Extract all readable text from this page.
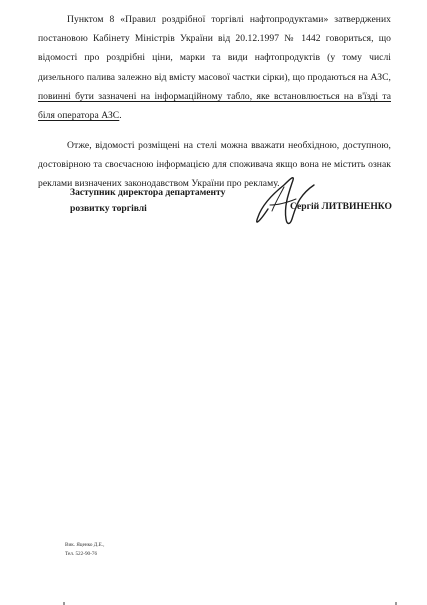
Пунктом 8 «Правил роздрібної торгівлі нафтопродуктами» затверджених постановою Кабінету Міністрів України від 20.12.1997 № 1442 говориться, що відомості про роздрібні ціни, марки та види нафтопродуктів (у тому числі дизельного палива залежно від вмісту масової частки сірки), що продаються на АЗС, повинні бути зазначені на інформаційному табло, яке встановлюється на в'їзді та біля оператора АЗС.

Отже, відомості розміщені на стелі можна вважати необхідною, доступною, достовірною та своєчасною інформацією для споживача якщо вона не містить ознак реклами визначених законодавством України про рекламу.

Заступник директора департаменту
розвитку торгівлі	Сергій ЛИТВИНЕНКО
Вик. Яценко Д.Е.,
Тел. 522-90-76
